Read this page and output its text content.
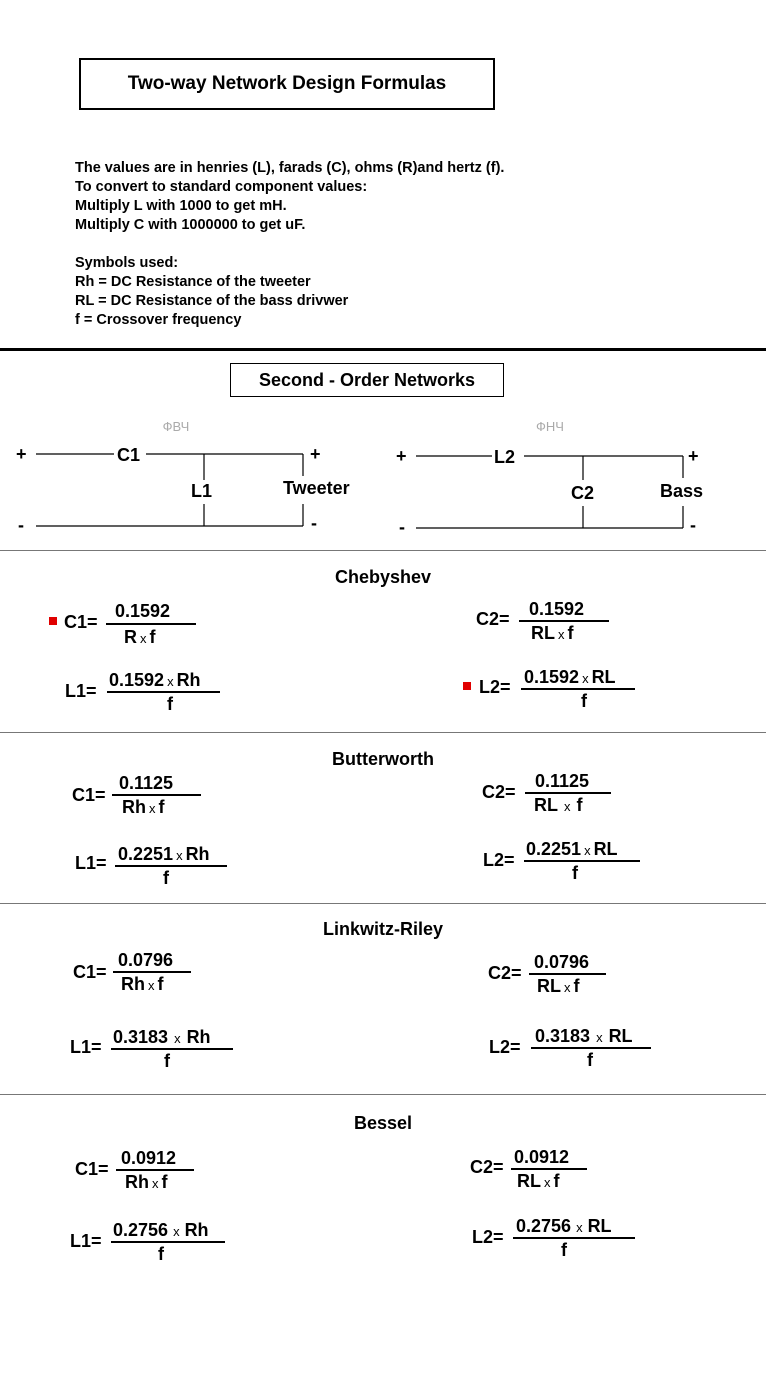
Two-way Network Design Formulas
The values are in henries (L), farads (C), ohms (R)and hertz (f).
To convert to standard component values:
Multiply L with 1000 to get mH.
Multiply C with 1000000 to get uF.
Symbols used:
Rh = DC Resistance of the tweeter
RL = DC Resistance of the bass drivwer
f = Crossover frequency
Second - Order Networks
ФВЧ
+
-
C1
L1	Tweeter
+
-
ФНЧ
+
-
L2
C2	Bass
+
-
Chebyshev
C1=
0.1592
R x f
C2= 0.1592
RL x f
L1=
0.1592 x Rh
f
L2= 0.1592 x RL
f
Butterworth
C1=
0.1125
Rh x f
C2=
0.1125
RL x f
L1= 0.2251 x Rh
f
L2=
0.2251 x RL
f
Linkwitz-Riley
C1=
0.0796
Rh x f
C2=
0.0796
RL x f
L1= 0.3183 x Rh
f
L2=
0.3183 x RL
f
Bessel
C1=
0.0912
Rh x f
C2= 0.0912
RL x f
L1=
0.2756 x Rh
f
L2=
0.2756 x RL
f
